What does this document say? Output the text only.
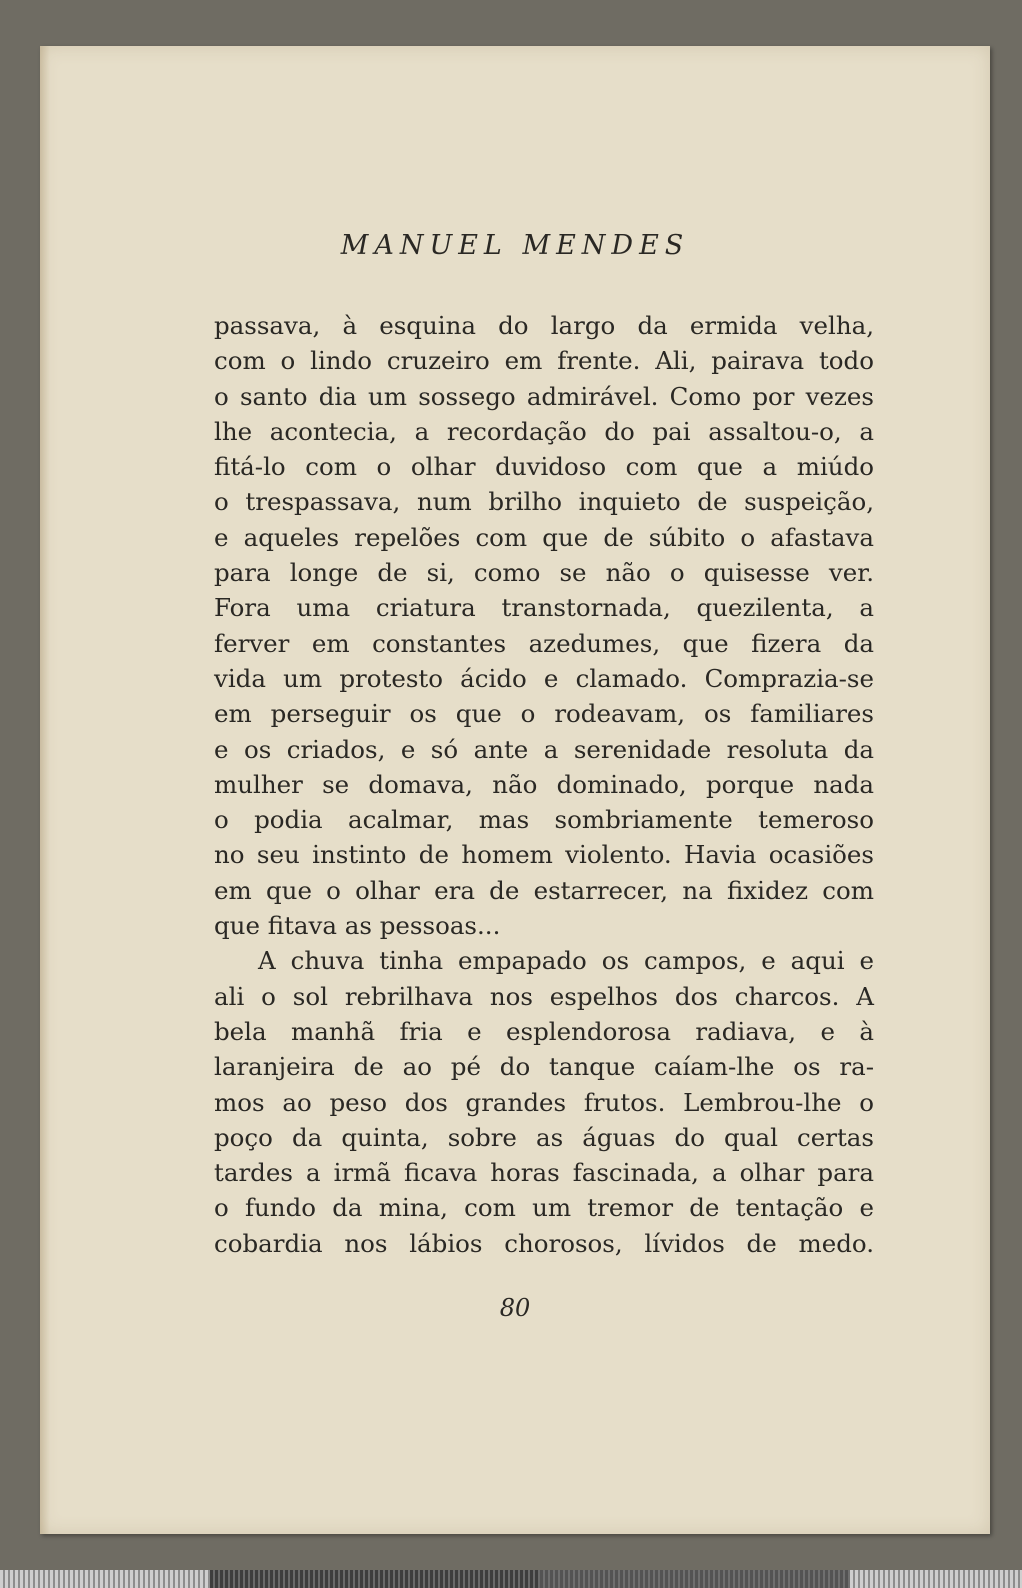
MANUEL MENDES
passava, à esquina do largo da ermida velha,
com o lindo cruzeiro em frente. Ali, pairava todo
o santo dia um sossego admirável. Como por vezes
lhe acontecia, a recordação do pai assaltou-o, a
fitá-lo com o olhar duvidoso com que a miúdo
o trespassava, num brilho inquieto de suspeição,
e aqueles repelões com que de súbito o afastava
para longe de si, como se não o quisesse ver.
Fora uma criatura transtornada, quezilenta, a
ferver em constantes azedumes, que fizera da
vida um protesto ácido e clamado. Comprazia-se
em perseguir os que o rodeavam, os familiares
e os criados, e só ante a serenidade resoluta da
mulher se domava, não dominado, porque nada
o podia acalmar, mas sombriamente temeroso
no seu instinto de homem violento. Havia ocasiões
em que o olhar era de estarrecer, na fixidez com
que fitava as pessoas...
A chuva tinha empapado os campos, e aqui e
ali o sol rebrilhava nos espelhos dos charcos. A
bela manhã fria e esplendorosa radiava, e à
laranjeira de ao pé do tanque caíam-lhe os ra-
mos ao peso dos grandes frutos. Lembrou-lhe o
poço da quinta, sobre as águas do qual certas
tardes a irmã ficava horas fascinada, a olhar para
o fundo da mina, com um tremor de tentação e
cobardia nos lábios chorosos, lívidos de medo.
80
